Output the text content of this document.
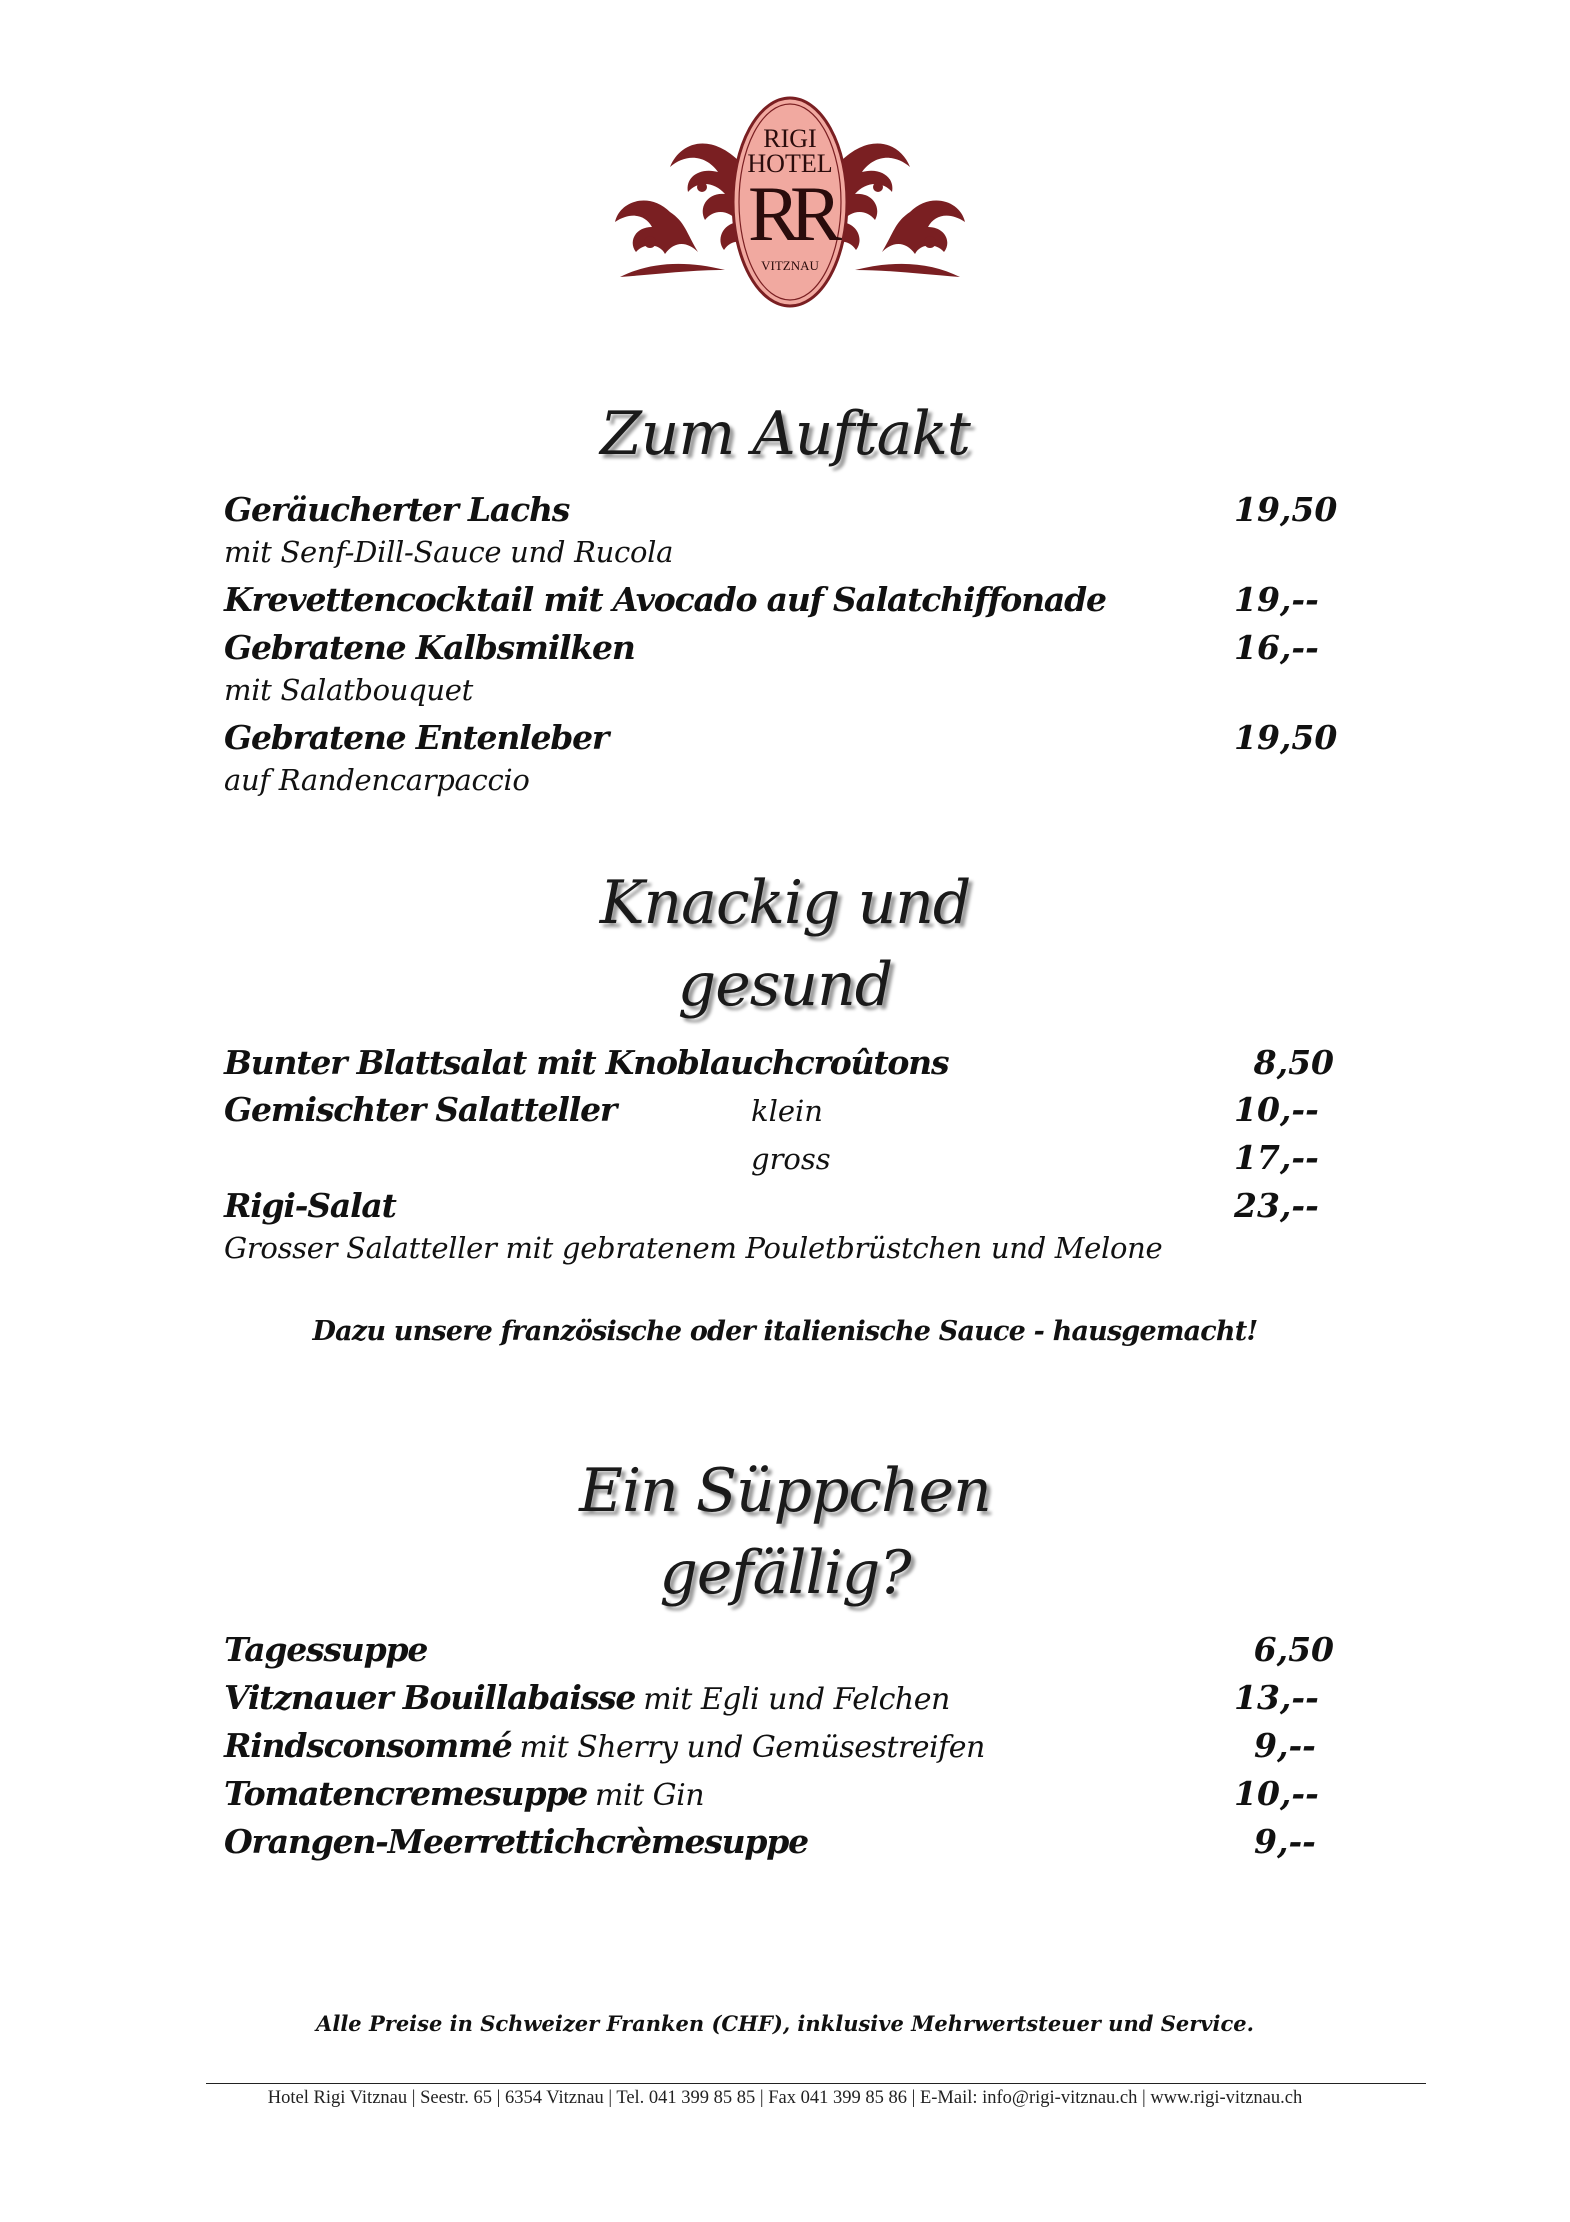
RIGI
HOTEL
RR
VITZNAU
Zum Auftakt
Geräucherter Lachs	19,50
mit Senf-Dill-Sauce und Rucola
Krevettencocktail mit Avocado auf Salatchiffonade	19,--
Gebratene Kalbsmilken	16,--
mit Salatbouquet
Gebratene Entenleber	19,50
auf Randencarpaccio
Knackig und
gesund
Bunter Blattsalat mit Knoblauchcroûtons	8,50
Gemischter Salatteller	klein	10,--
gross	17,--
Rigi-Salat	23,--
Grosser Salatteller mit gebratenem Pouletbrüstchen und Melone
Dazu unsere französische oder italienische Sauce - hausgemacht!
Ein Süppchen
gefällig?
Tagessuppe	6,50
Vitznauer Bouillabaisse mit Egli und Felchen	13,--
Rindsconsommé mit Sherry und Gemüsestreifen	9,--
Tomatencremesuppe mit Gin	10,--
Orangen-Meerrettichcrèmesuppe	9,--
Alle Preise in Schweizer Franken (CHF), inklusive Mehrwertsteuer und Service.
Hotel Rigi Vitznau | Seestr. 65 | 6354 Vitznau | Tel. 041 399 85 85 | Fax 041 399 85 86 | E-Mail: info@rigi-vitznau.ch | www.rigi-vitznau.ch
